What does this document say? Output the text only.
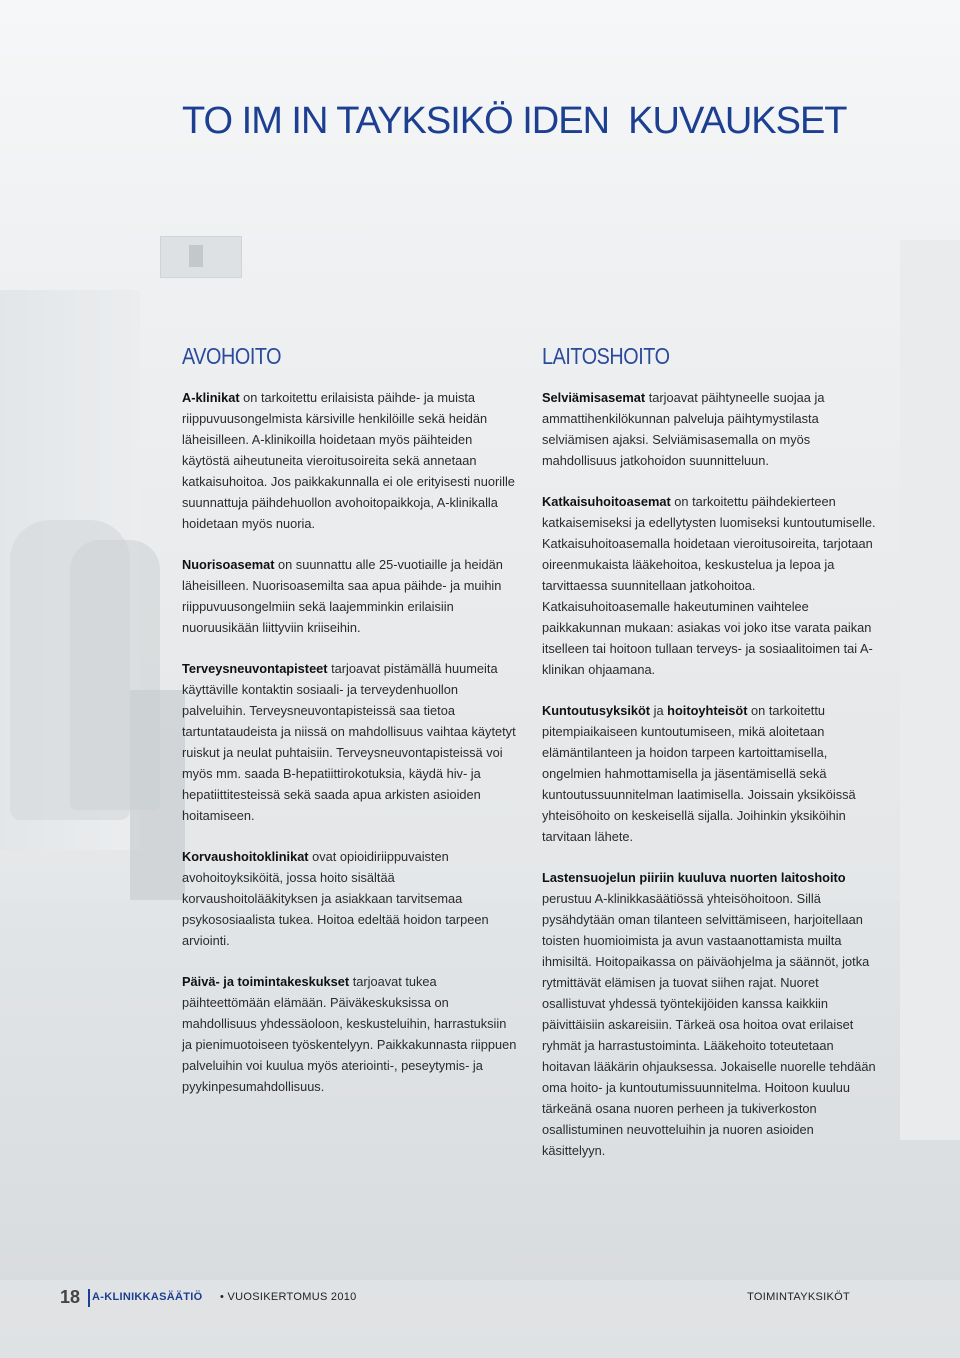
TO IM IN TAYKSIKÖ IDEN  KUVAUKSET
AVOHOITO

A-klinikat on tarkoitettu erilaisista päihde- ja muista riippuvuusongelmista kärsiville henkilöille sekä heidän läheisilleen. A-klinikoilla hoidetaan myös päihteiden käytöstä aiheutuneita vieroitusoireita sekä annetaan katkaisuhoitoa. Jos paikkakunnalla ei ole erityisesti nuorille suunnattuja päihdehuollon avohoitopaikkoja, A-klinikalla hoidetaan myös nuoria.

Nuorisoasemat on suunnattu alle 25-vuotiaille ja heidän läheisilleen. Nuorisoasemilta saa apua päihde- ja muihin riippuvuusongelmiin sekä laajemminkin erilaisiin nuoruusikään liittyviin kriiseihin.

Terveysneuvontapisteet tarjoavat pistämällä huumeita käyttäville kontaktin sosiaali- ja terveydenhuollon palveluihin. Terveysneuvontapisteissä saa tietoa tartuntataudeista ja niissä on mahdollisuus vaihtaa käytetyt ruiskut ja neulat puhtaisiin. Terveysneuvontapisteissä voi myös mm. saada B-hepatiittirokotuksia, käydä hiv- ja hepatiittitesteissä sekä saada apua arkisten asioiden hoitamiseen.

Korvaushoitoklinikat ovat opioidiriippuvaisten avohoitoyksiköitä, jossa hoito sisältää korvaushoitolääkityksen ja asiakkaan tarvitsemaa psykososiaalista tukea. Hoitoa edeltää hoidon tarpeen arviointi.

Päivä- ja toimintakeskukset tarjoavat tukea päihteettömään elämään. Päiväkeskuksissa on mahdollisuus yhdessäoloon, keskusteluihin, harrastuksiin ja pienimuotoiseen työskentelyyn. Paikkakunnasta riippuen palveluihin voi kuulua myös ateriointi-, peseytymis- ja pyykinpesumahdollisuus.

LAITOSHOITO

Selviämisasemat tarjoavat päihtyneelle suojaa ja ammattihenkilökunnan palveluja päihtymystilasta selviämisen ajaksi. Selviämisasemalla on myös mahdollisuus jatkohoidon suunnitteluun.

Katkaisuhoitoasemat on tarkoitettu päihdekierteen katkaisemiseksi ja edellytysten luomiseksi kuntoutumiselle. Katkaisuhoitoasemalla hoidetaan vieroitusoireita, tarjotaan oireenmukaista lääkehoitoa, keskustelua ja lepoa ja tarvittaessa suunnitellaan jatkohoitoa. Katkaisuhoitoasemalle hakeutuminen vaihtelee paikkakunnan mukaan: asiakas voi joko itse varata paikan itselleen tai hoitoon tullaan terveys- ja sosiaalitoimen tai A-klinikan ohjaamana.

Kuntoutusyksiköt ja hoitoyhteisöt on tarkoitettu pitempiaikaiseen kuntoutumiseen, mikä aloitetaan elämäntilanteen ja hoidon tarpeen kartoittamisella, ongelmien hahmottamisella ja jäsentämisellä sekä kuntoutussuunnitelman laatimisella. Joissain yksiköissä yhteisöhoito on keskeisellä sijalla. Joihinkin yksiköihin tarvitaan lähete.

Lastensuojelun piiriin kuuluva nuorten laitoshoito perustuu A-klinikkasäätiössä yhteisöhoitoon. Sillä pysähdytään oman tilanteen selvittämiseen, harjoitellaan toisten huomioimista ja avun vastaanottamista muilta ihmisiltä. Hoitopaikassa on päiväohjelma ja säännöt, jotka rytmittävät elämisen ja tuovat siihen rajat. Nuoret osallistuvat yhdessä työntekijöiden kanssa kaikkiin päivittäisiin askareisiin. Tärkeä osa hoitoa ovat erilaiset ryhmät ja harrastustoiminta. Lääkehoito toteutetaan hoitavan lääkärin ohjauksessa. Jokaiselle nuorelle tehdään oma hoito- ja kuntoutumissuunnitelma. Hoitoon kuuluu tärkeänä osana nuoren perheen ja tukiverkoston osallistuminen neuvotteluihin ja nuoren asioiden käsittelyyn.

18 A-KLINIKKASÄÄTIÖ • VUOSIKERTOMUS 2010	TOIMINTAYKSIKÖT
